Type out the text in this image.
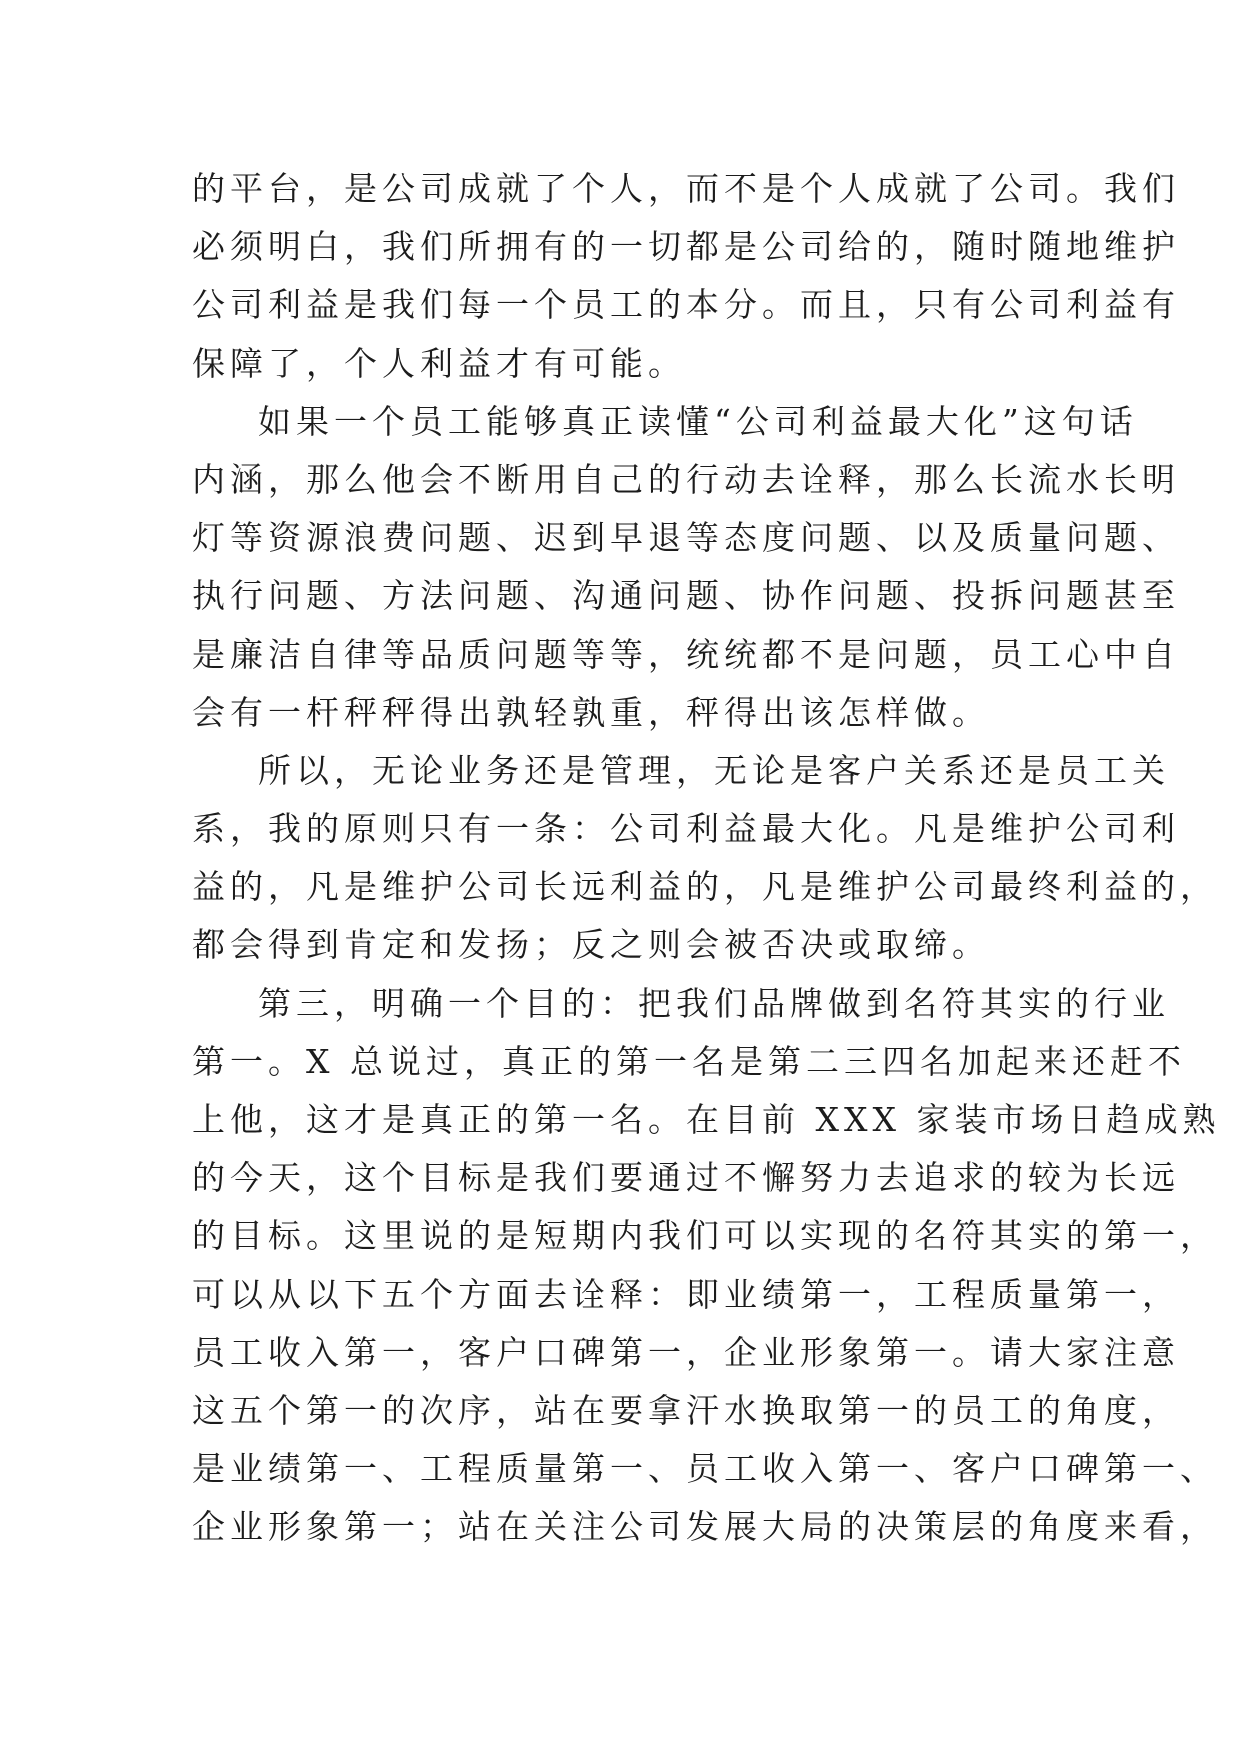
的平台，是公司成就了个人，而不是个人成就了公司。我们
必须明白，我们所拥有的一切都是公司给的，随时随地维护
公司利益是我们每一个员工的本分。而且，只有公司利益有
保障了，个人利益才有可能。
如果一个员工能够真正读懂“公司利益最大化”这句话
内涵，那么他会不断用自己的行动去诠释，那么长流水长明
灯等资源浪费问题、迟到早退等态度问题、以及质量问题、
执行问题、方法问题、沟通问题、协作问题、投拆问题甚至
是廉洁自律等品质问题等等，统统都不是问题，员工心中自
会有一杆秤秤得出孰轻孰重，秤得出该怎样做。
所以，无论业务还是管理，无论是客户关系还是员工关
系，我的原则只有一条：公司利益最大化。凡是维护公司利
益的，凡是维护公司长远利益的，凡是维护公司最终利益的，
都会得到肯定和发扬；反之则会被否决或取缔。
第三，明确一个目的：把我们品牌做到名符其实的行业
第一。X 总说过，真正的第一名是第二三四名加起来还赶不
上他，这才是真正的第一名。在目前 XXX 家装市场日趋成熟
的今天，这个目标是我们要通过不懈努力去追求的较为长远
的目标。这里说的是短期内我们可以实现的名符其实的第一，
可以从以下五个方面去诠释：即业绩第一，工程质量第一，
员工收入第一，客户口碑第一，企业形象第一。请大家注意
这五个第一的次序，站在要拿汗水换取第一的员工的角度，
是业绩第一、工程质量第一、员工收入第一、客户口碑第一、
企业形象第一；站在关注公司发展大局的决策层的角度来看，
